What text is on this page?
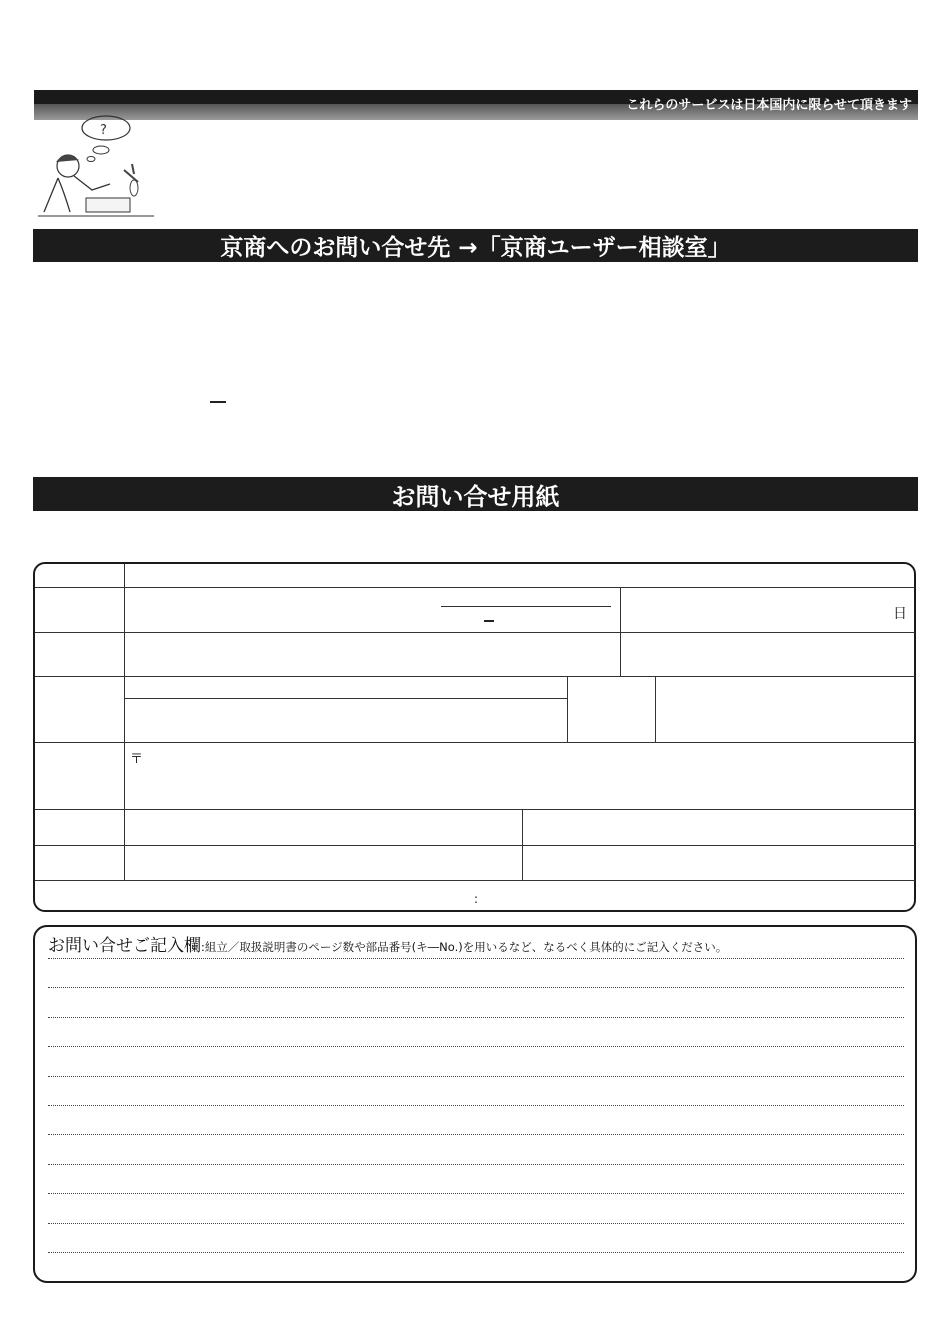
これらのサービスは日本国内に限らせて頂きます
?
京商へのお問い合せ先 →「京商ユーザー相談室」
お問い合せ用紙
日
〒
:
お問い合せご記入欄:組立／取扱説明書のページ数や部品番号(キ―No.)を用いるなど、なるべく具体的にご記入ください。
